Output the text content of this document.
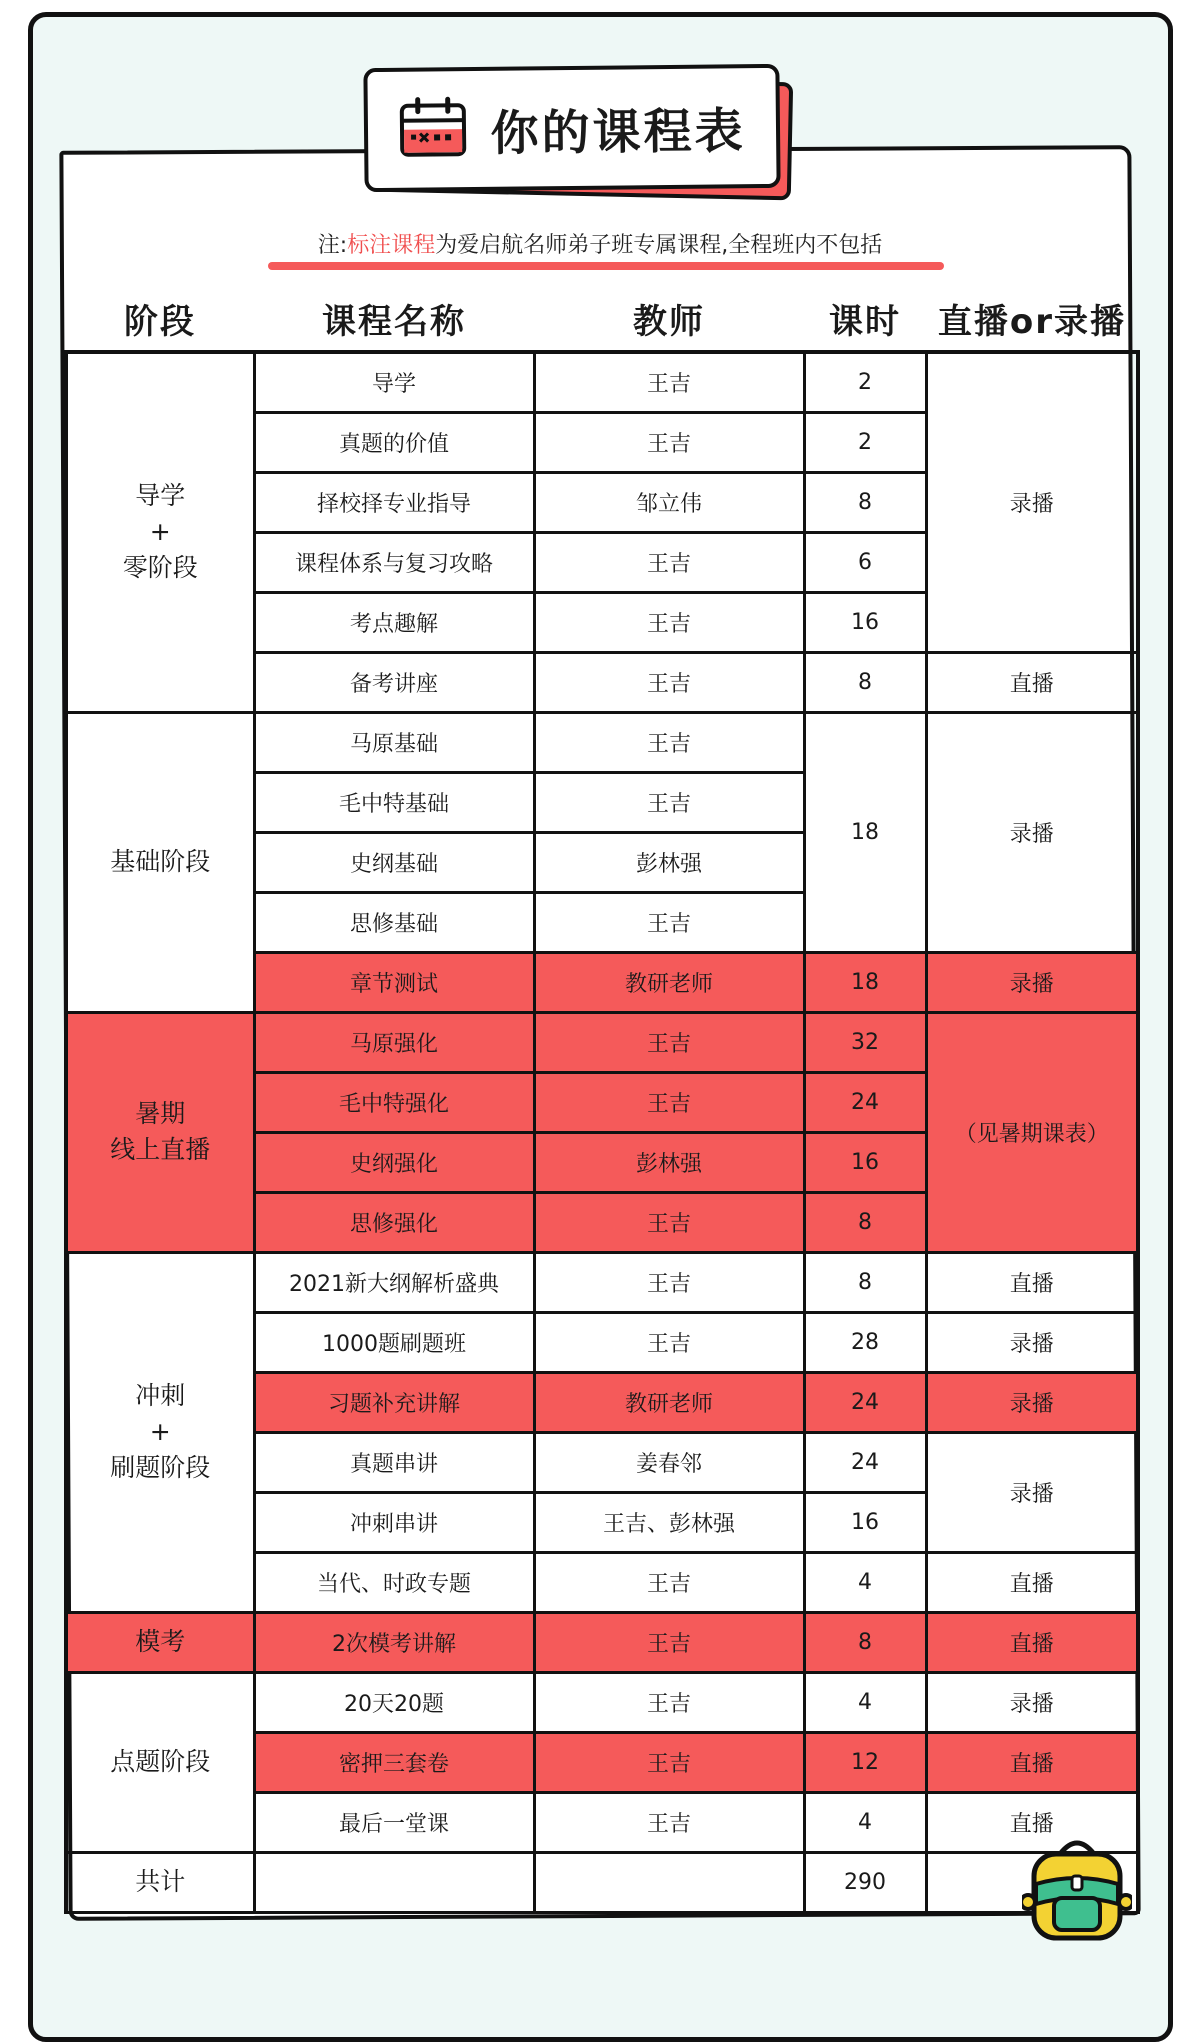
你的课程表
注:标注课程为爱启航名师弟子班专属课程,全程班内不包括
阶段	课程名称	教师	课时	直播or录播
导学
+
零阶段	导学	王吉	2	录播
	真题的价值	王吉	2	
	择校择专业指导	邹立伟	8	
	课程体系与复习攻略	王吉	6	
	考点趣解	王吉	16	
	备考讲座	王吉	8	直播
基础阶段	马原基础	王吉	18	录播
	毛中特基础	王吉		
	史纲基础	彭林强		
	思修基础	王吉		
	章节测试	教研老师	18	录播
暑期
线上直播	马原强化	王吉	32	（见暑期课表）
	毛中特强化	王吉	24	
	史纲强化	彭林强	16	
	思修强化	王吉	8	
冲刺
+
刷题阶段	2021新大纲解析盛典	王吉	8	直播
	1000题刷题班	王吉	28	录播
	习题补充讲解	教研老师	24	录播
	真题串讲	姜春邻	24	录播
	冲刺串讲	王吉、彭林强	16	
	当代、时政专题	王吉	4	直播
模考	2次模考讲解	王吉	8	直播
点题阶段	20天20题	王吉	4	录播
	密押三套卷	王吉	12	直播
	最后一堂课	王吉	4	直播
共计			290	
